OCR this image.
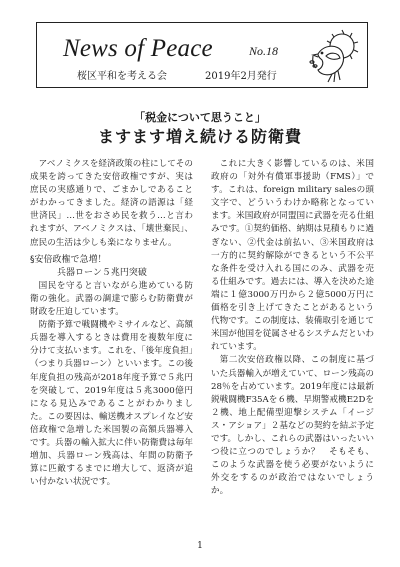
News of Peace	No.18
桜区平和を考える会	2019年2月発行
「税金について思うこと」
ますます増え続ける防衛費

アベノミクスを経済政策の柱にしてその成果を誇ってきた安倍政権ですが、実は庶民の実感通りで、ごまかしであることがわかってきました。経済の語源は「経世済民」…世をおさめ民を救う…と言われますが、アベノミクスは、「壊世棄民」、庶民の生活は少しも楽になりません。

§安倍政権で急増！
兵器ローン５兆円突破

国民を守ると言いながら進めている防衛の強化。武器の調達で膨らむ防衛費が財政を圧迫しています。

防衛予算で戦闘機やミサイルなど、高額兵器を導入するときは費用を複数年度に分けて支払います。これを、「後年度負担」（つまり兵器ローン）といいます。この後年度負担の残高が2018年度予算で５兆円を突破して、2019年度は５兆3000億円になる見込みであることがわかりました。この要因は、輸送機オスプレイなど安倍政権で急増した米国製の高額兵器導入です。兵器の輸入拡大に伴い防衛費は毎年増加、兵器ローン残高は、年間の防衛予算に匹敵するまでに増大して、返済が追い付かない状況です。

これに大きく影響しているのは、米国政府の「対外有償軍事援助（FMS）」です。これは、foreign military salesの頭文字で、どういうわけか略称となっています。米国政府が同盟国に武器を売る仕組みです。①契約価格、納期は見積もりに過ぎない、②代金は前払い、③米国政府は一方的に契約解除ができるという不公平な条件を受け入れる国にのみ、武器を売る仕組みです。過去には、導入を決めた途端に１億3000万円から２億5000万円に価格を引き上げてきたことがあるという代物です。この制度は、装備取引を通じて米国が他国を従属させるシステムだといわれています。

第二次安倍政権以降、この制度に基づいた兵器輸入が増えていて、ローン残高の28％を占めています。2019年度には最新鋭戦闘機F35Aを６機、早期警戒機E2Dを２機、地上配備型迎撃システム「イージス・アショア」２基などの契約を結ぶ予定です。しかし、これらの武器はいったいいつ役に立つのでしょうか？　そもそも、このような武器を使う必要がないように外交をするのが政治ではないでしょうか。

1
